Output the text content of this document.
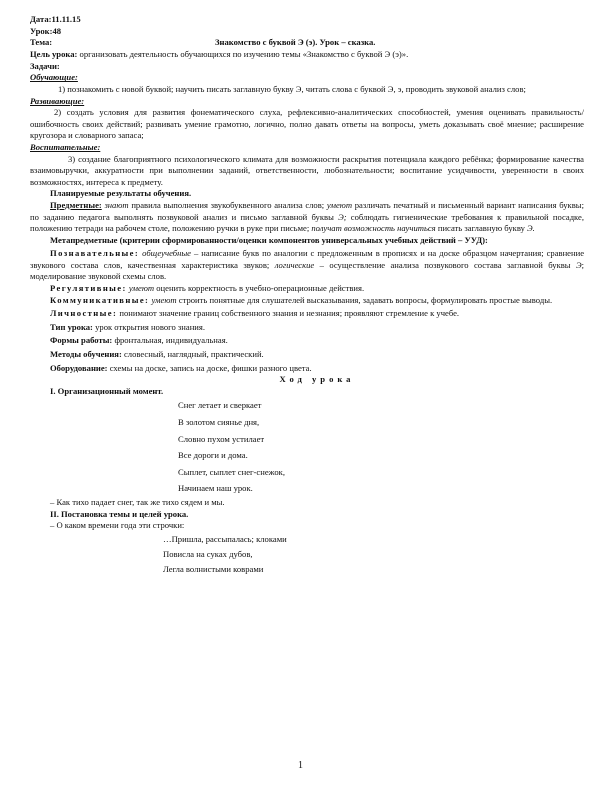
Дата:11.11.15

Урок:48

Тема:	Знакомство с буквой Э (э). Урок – сказка.

Цель урока: организовать деятельность обучающихся по изучению темы «Знакомство с буквой Э (э)».

Задачи:

Обучающие:

1) познакомить с новой буквой; научить писать заглавную букву Э, читать слова с буквой Э, э, проводить звуковой анализ слов;

Развивающие:

2) создать условия для развития фонематического слуха, рефлексивно-аналитических способностей, умения оценивать правильность/ошибочность своих действий; развивать умение грамотно, логично, полно давать ответы на вопросы, уметь доказывать своё мнение; расширение кругозора и словарного запаса;

Воспитательные:

3) создание благоприятного психологического климата для возможности раскрытия потенциала каждого ребёнка; формирование качества взаимовыручки, аккуратности при выполнении заданий, ответственности, любознательности; воспитание усидчивости, уверенности в своих возможностях, интереса к предмету.

Планируемые результаты обучения.

Предметные: знают правила выполнения звукобуквенного анализа слов; умеют различать печатный и письменный вариант написания буквы; по заданию педагога выполнять позвуковой анализ и письмо заглавной буквы Э; соблюдать гигиенические требования к правильной посадке, положению тетради на рабочем столе, положению ручки в руке при письме; получат возможность научиться писать заглавную букву Э.

Метапредметные (критерии сформированности/оценки компонентов универсальных учебных действий – УУД):

Познавательные: общеучебные – написание букв по аналогии с предложенным в прописях и на доске образцом начертания; сравнение звукового состава слов, качественная характеристика звуков; логические – осуществление анализа позвукового состава заглавной буквы Э; моделирование звуковой схемы слов.

Регулятивные: умеют оценить корректность в учебно-операционные действия.

Коммуникативные: умеют строить понятные для слушателей высказывания, задавать вопросы, формулировать простые выводы.

Личностные: понимают значение границ собственного знания и незнания; проявляют стремление к учебе.

Тип урока: урок открытия нового знания.

Формы работы: фронтальная, индивидуальная.

Методы обучения: словесный, наглядный, практический.

Оборудование: схемы на доске, запись на доске, фишки разного цвета.

Ход урока

I. Организационный момент.

Снег летает и сверкает

В золотом сиянье дня,

Словно пухом устилает

Все дороги и дома.

Сыплет, сыплет снег-снежок,

Начинаем наш урок.

– Как тихо падает снег, так же тихо сядем и мы.

II. Постановка темы и целей урока.

– О каком времени года эти строчки:

…Пришла, рассыпалась; клоками

Повисла на суках дубов,

Легла волнистыми коврами

1
